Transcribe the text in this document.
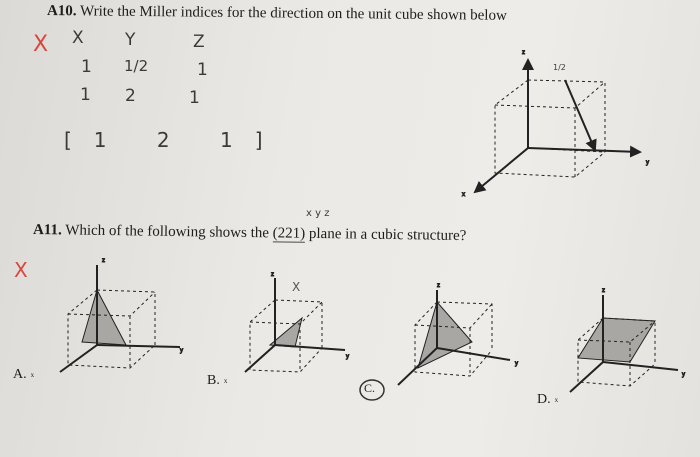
A10. Write the Miller indices for the direction on the unit cube shown below
X X Y	Z
1 1/2	1
1 2	1
[1 2 1]
A11. Which of the following shows the (221) plane in a cubic structure?
x y z
X
z
y
x
1/2
z
y
z
y
X	z
y
z
y
A. x	B. x
C.
D. x
